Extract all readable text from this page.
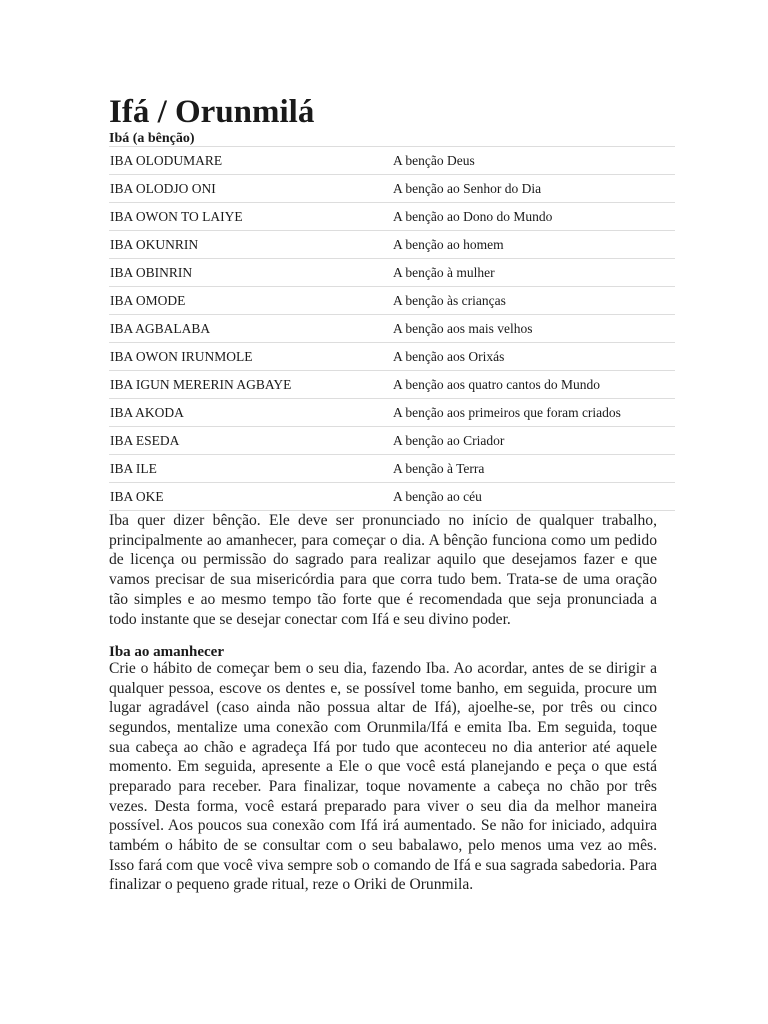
Ifá / Orunmilá
Ibá (a bênção)
IBA OLODUMARE	A benção Deus
IBA OLODJO ONI	A benção ao Senhor do Dia
IBA OWON TO LAIYE	A benção ao Dono do Mundo
IBA OKUNRIN	A benção ao homem
IBA OBINRIN	A benção à mulher
IBA OMODE	A benção às crianças
IBA AGBALABA	A benção aos mais velhos
IBA OWON IRUNMOLE	A benção aos Orixás
IBA IGUN MERERIN AGBAYE	A benção aos quatro cantos do Mundo
IBA AKODA	A benção aos primeiros que foram criados
IBA ESEDA	A benção ao Criador
IBA ILE	A benção à Terra
IBA OKE	A benção ao céu

Iba quer dizer bênção. Ele deve ser pronunciado no início de qualquer trabalho, principalmente ao amanhecer, para começar o dia. A bênção funciona como um pedido de licença ou permissão do sagrado para realizar aquilo que desejamos fazer e que vamos precisar de sua misericórdia para que corra tudo bem. Trata-se de uma oração tão simples e ao mesmo tempo tão forte que é recomendada que seja pronunciada a todo instante que se desejar conectar com Ifá e seu divino poder.

Iba ao amanhecer

Crie o hábito de começar bem o seu dia, fazendo Iba. Ao acordar, antes de se dirigir a qualquer pessoa, escove os dentes e, se possível tome banho, em seguida, procure um lugar agradável (caso ainda não possua altar de Ifá), ajoelhe-se, por três ou cinco segundos, mentalize uma conexão com Orunmila/Ifá e emita Iba. Em seguida, toque sua cabeça ao chão e agradeça Ifá por tudo que aconteceu no dia anterior até aquele momento. Em seguida, apresente a Ele o que você está planejando e peça o que está preparado para receber. Para finalizar, toque novamente a cabeça no chão por três vezes. Desta forma, você estará preparado para viver o seu dia da melhor maneira possível. Aos poucos sua conexão com Ifá irá aumentado. Se não for iniciado, adquira também o hábito de se consultar com o seu babalawo, pelo menos uma vez ao mês. Isso fará com que você viva sempre sob o comando de Ifá e sua sagrada sabedoria. Para finalizar o pequeno grade ritual, reze o Oriki de Orunmila.
